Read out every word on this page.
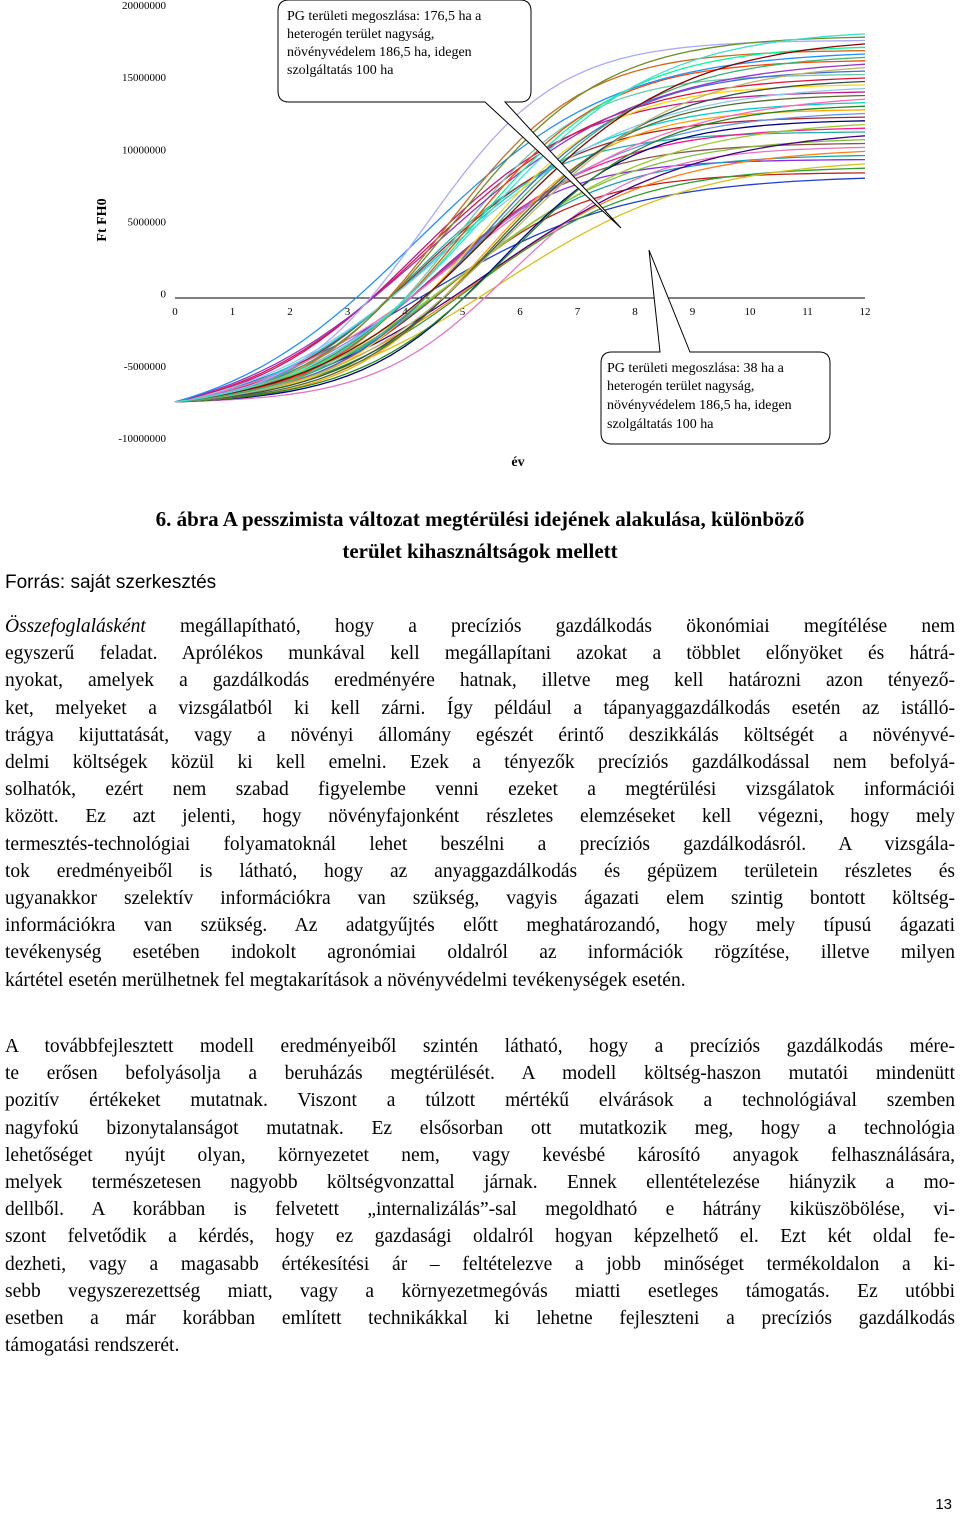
Ft FH0
20000000
15000000
10000000
5000000
0
-5000000
-10000000
0	1	2	3	4	5	6	7	8	9	10	11	12
év
PG területi megoszlása: 176,5 ha a
heterogén terület nagyság,
növényvédelem 186,5 ha, idegen
szolgáltatás 100 ha
PG területi megoszlása: 38 ha a
heterogén terület nagyság,
növényvédelem 186,5 ha, idegen
szolgáltatás 100 ha
6. ábra A pesszimista változat megtérülési idejének alakulása, különböző
terület kihasználtságok mellett
Forrás: saját szerkesztés
Összefoglalásként megállapítható, hogy a precíziós gazdálkodás ökonómiai megítélése nem
egyszerű feladat. Aprólékos munkával kell megállapítani azokat a többlet előnyöket és hátrá-
nyokat, amelyek a gazdálkodás eredményére hatnak, illetve meg kell határozni azon tényező-
ket, melyeket a vizsgálatból ki kell zárni. Így például a tápanyaggazdálkodás esetén az istálló-
trágya kijuttatását, vagy a növényi állomány egészét érintő deszikkálás költségét a növényvé-
delmi költségek közül ki kell emelni. Ezek a tényezők precíziós gazdálkodással nem befolyá-
solhatók, ezért nem szabad figyelembe venni ezeket a megtérülési vizsgálatok információi
között. Ez azt jelenti, hogy növényfajonként részletes elemzéseket kell végezni, hogy mely
termesztés-technológiai folyamatoknál lehet beszélni a precíziós gazdálkodásról. A vizsgála-
tok eredményeiből is látható, hogy az anyaggazdálkodás és gépüzem területein részletes és
ugyanakkor szelektív információkra van szükség, vagyis ágazati elem szintig bontott költség-
információkra van szükség. Az adatgyűjtés előtt meghatározandó, hogy mely típusú ágazati
tevékenység esetében indokolt agronómiai oldalról az információk rögzítése, illetve milyen
kártétel esetén merülhetnek fel megtakarítások a növényvédelmi tevékenységek esetén.
A továbbfejlesztett modell eredményeiből szintén látható, hogy a precíziós gazdálkodás mére-
te erősen befolyásolja a beruházás megtérülését. A modell költség-haszon mutatói mindenütt
pozitív értékeket mutatnak. Viszont a túlzott mértékű elvárások a technológiával szemben
nagyfokú bizonytalanságot mutatnak. Ez elsősorban ott mutatkozik meg, hogy a technológia
lehetőséget nyújt olyan, környezetet nem, vagy kevésbé károsító anyagok felhasználására,
melyek természetesen nagyobb költségvonzattal járnak. Ennek ellentételezése hiányzik a mo-
dellből. A korábban is felvetett „internalizálás”-sal megoldható e hátrány kiküszöbölése, vi-
szont felvetődik a kérdés, hogy ez gazdasági oldalról hogyan képzelhető el. Ezt két oldal fe-
dezheti, vagy a magasabb értékesítési ár – feltételezve a jobb minőséget termékoldalon a ki-
sebb vegyszerezettség miatt, vagy a környezetmegóvás miatti esetleges támogatás. Ez utóbbi
esetben a már korábban említett technikákkal ki lehetne fejleszteni a precíziós gazdálkodás
támogatási rendszerét.
13
